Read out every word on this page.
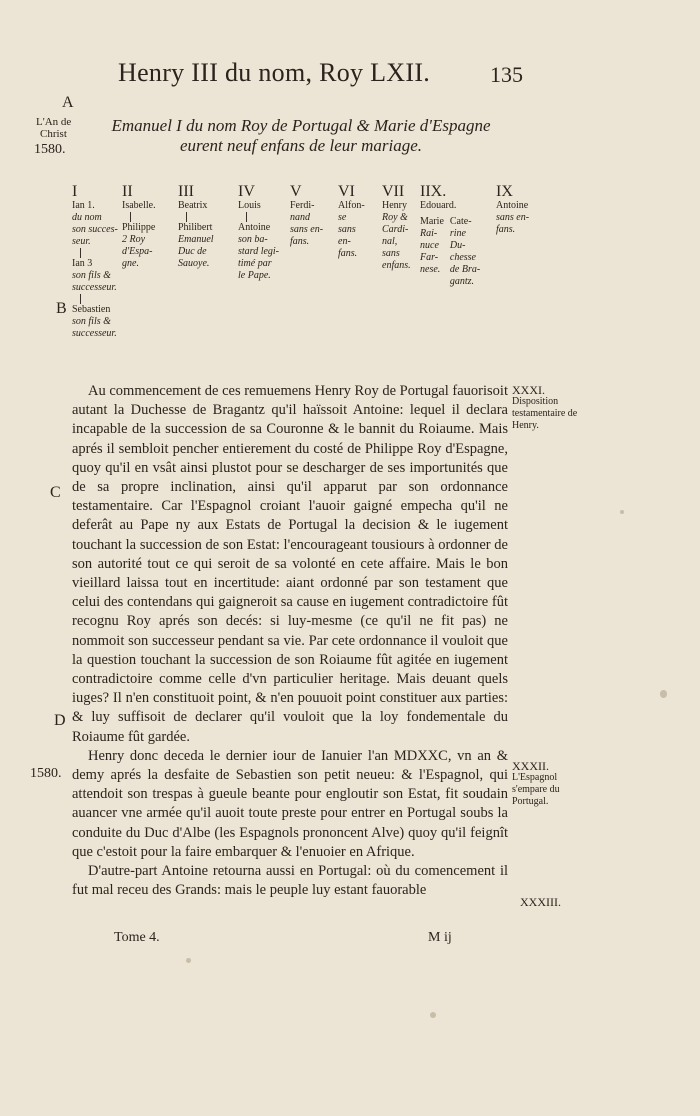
Henry III du nom, Roy LXII.	135
A
L'An de
Christ
1580.
Emanuel I du nom Roy de Portugal & Marie d'Espagne eurent neuf enfans de leur mariage.
I
Ian 1.
du nom
son succes-
seur.
Ian 3
son fils &
successeur.
Sebastien
son fils &
successeur.
II
Isabelle.
Philippe
2 Roy
d'Espa-
gne.
III
Beatrix
Philibert
Emanuel
Duc de
Sauoye.
IV
Louis
Antoine
son ba-
stard legi-
timé par
le Pape.
V
Ferdi-
nand
sans en-
fans.
VI
Alfon-
se
sans
en-
fans.
VII
Henry
Roy &
Cardi-
nal,
sans
enfans.
IIX.
Edouard.
Marie
Rai-
nuce
Far-
nese.
Cate-
rine
Du-
chesse
de Bra-
gantz.
IX
Antoine
sans en-
fans.
B
C
D

Au commencement de ces remuemens Henry Roy de Portugal fauorisoit autant la Duchesse de Bragantz qu'il haïssoit Antoine: lequel il declara incapable de la succession de sa Couronne & le bannit du Roiaume. Mais aprés il sembloit pencher entierement du costé de Philippe Roy d'Espagne, quoy qu'il en vsât ainsi plustot pour se descharger de ses importunités que de sa propre inclination, ainsi qu'il apparut par son ordonnance testamentaire. Car l'Espagnol croiant l'auoir gaigné empecha qu'il ne deferât au Pape ny aux Estats de Portugal la decision & le iugement touchant la succession de son Estat: l'encourageant tousiours à ordonner de son autorité tout ce qui seroit de sa volonté en cete affaire. Mais le bon vieillard laissa tout en incertitude: aiant ordonné par son testament que celui des contendans qui gaigneroit sa cause en iugement contradictoire fût recognu Roy aprés son decés: si luy-mesme (ce qu'il ne fit pas) ne nommoit son successeur pendant sa vie. Par cete ordonnance il vouloit que la question touchant la succession de son Roiaume fût agitée en iugement contradictoire comme celle d'vn particulier heritage. Mais deuant quels iuges? Il n'en constituoit point, & n'en pouuoit point constituer aux parties: & luy suffisoit de declarer qu'il vouloit que la loy fondementale du Roiaume fût gardée.

Henry donc deceda le dernier iour de Ianuier l'an MDXXC, vn an & demy aprés la desfaite de Sebastien son petit neueu: & l'Espagnol, qui attendoit son trespas à gueule beante pour engloutir son Estat, fit soudain auancer vne armée qu'il auoit toute preste pour entrer en Portugal soubs la conduite du Duc d'Albe (les Espagnols prononcent Alve) quoy qu'il feignît que c'estoit pour la faire embarquer & l'enuoier en Afrique.

D'autre-part Antoine retourna aussi en Portugal: où du comencement il fut mal receu des Grands: mais le peuple luy estant fauorable

1580.
XXXI.
Disposition testamentaire de Henry.
XXXII.
L'Espagnol s'empare du Portugal.
XXXIII.
Tome 4.	M ij
